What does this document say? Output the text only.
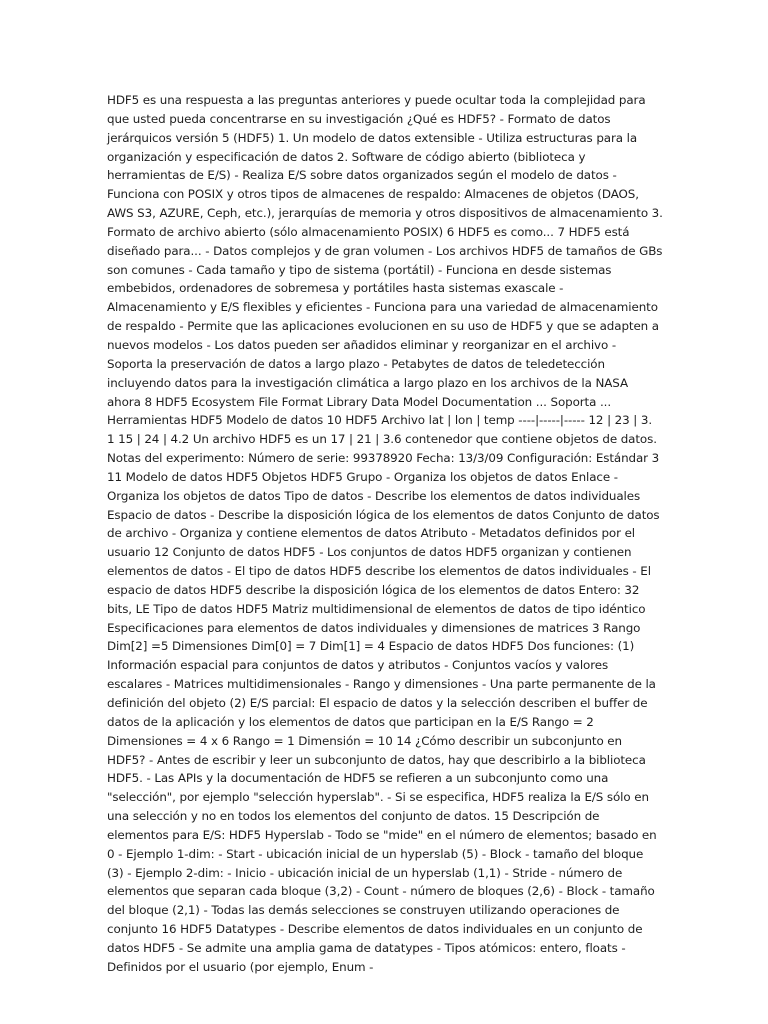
HDF5 es una respuesta a las preguntas anteriores y puede ocultar toda la complejidad para que usted pueda concentrarse en su investigación ¿Qué es HDF5? - Formato de datos jerárquicos versión 5 (HDF5) 1. Un modelo de datos extensible - Utiliza estructuras para la organización y especificación de datos 2. Software de código abierto (biblioteca y herramientas de E/S) - Realiza E/S sobre datos organizados según el modelo de datos - Funciona con POSIX y otros tipos de almacenes de respaldo: Almacenes de objetos (DAOS, AWS S3, AZURE, Ceph, etc.), jerarquías de memoria y otros dispositivos de almacenamiento 3. Formato de archivo abierto (sólo almacenamiento POSIX) 6 HDF5 es como... 7 HDF5 está diseñado para... - Datos complejos y de gran volumen - Los archivos HDF5 de tamaños de GBs son comunes - Cada tamaño y tipo de sistema (portátil) - Funciona en desde sistemas embebidos, ordenadores de sobremesa y portátiles hasta sistemas exascale - Almacenamiento y E/S flexibles y eficientes - Funciona para una variedad de almacenamiento de respaldo - Permite que las aplicaciones evolucionen en su uso de HDF5 y que se adapten a nuevos modelos - Los datos pueden ser añadidos eliminar y reorganizar en el archivo - Soporta la preservación de datos a largo plazo - Petabytes de datos de teledetección incluyendo datos para la investigación climática a largo plazo en los archivos de la NASA ahora 8 HDF5 Ecosystem File Format Library Data Model Documentation ... Soporta ... Herramientas HDF5 Modelo de datos 10 HDF5 Archivo lat | lon | temp ----|-----|----- 12 | 23 | 3. 1 15 | 24 | 4.2 Un archivo HDF5 es un 17 | 21 | 3.6 contenedor que contiene objetos de datos. Notas del experimento: Número de serie: 99378920 Fecha: 13/3/09 Configuración: Estándar 3 11 Modelo de datos HDF5 Objetos HDF5 Grupo - Organiza los objetos de datos Enlace - Organiza los objetos de datos Tipo de datos - Describe los elementos de datos individuales Espacio de datos - Describe la disposición lógica de los elementos de datos Conjunto de datos de archivo - Organiza y contiene elementos de datos Atributo - Metadatos definidos por el usuario 12 Conjunto de datos HDF5 - Los conjuntos de datos HDF5 organizan y contienen elementos de datos - El tipo de datos HDF5 describe los elementos de datos individuales - El espacio de datos HDF5 describe la disposición lógica de los elementos de datos Entero: 32 bits, LE Tipo de datos HDF5 Matriz multidimensional de elementos de datos de tipo idéntico Especificaciones para elementos de datos individuales y dimensiones de matrices 3 Rango Dim[2] =5 Dimensiones Dim[0] = 7 Dim[1] = 4 Espacio de datos HDF5 Dos funciones: (1) Información espacial para conjuntos de datos y atributos - Conjuntos vacíos y valores escalares - Matrices multidimensionales - Rango y dimensiones - Una parte permanente de la definición del objeto (2) E/S parcial: El espacio de datos y la selección describen el buffer de datos de la aplicación y los elementos de datos que participan en la E/S Rango = 2 Dimensiones = 4 x 6 Rango = 1 Dimensión = 10 14 ¿Cómo describir un subconjunto en HDF5? - Antes de escribir y leer un subconjunto de datos, hay que describirlo a la biblioteca HDF5. - Las APIs y la documentación de HDF5 se refieren a un subconjunto como una "selección", por ejemplo "selección hyperslab". - Si se especifica, HDF5 realiza la E/S sólo en una selección y no en todos los elementos del conjunto de datos. 15 Descripción de elementos para E/S: HDF5 Hyperslab - Todo se "mide" en el número de elementos; basado en 0 - Ejemplo 1-dim: - Start - ubicación inicial de un hyperslab (5) - Block - tamaño del bloque (3) - Ejemplo 2-dim: - Inicio - ubicación inicial de un hyperslab (1,1) - Stride - número de elementos que separan cada bloque (3,2) - Count - número de bloques (2,6) - Block - tamaño del bloque (2,1) - Todas las demás selecciones se construyen utilizando operaciones de conjunto 16 HDF5 Datatypes - Describe elementos de datos individuales en un conjunto de datos HDF5 - Se admite una amplia gama de datatypes - Tipos atómicos: entero, floats - Definidos por el usuario (por ejemplo, Enum -
